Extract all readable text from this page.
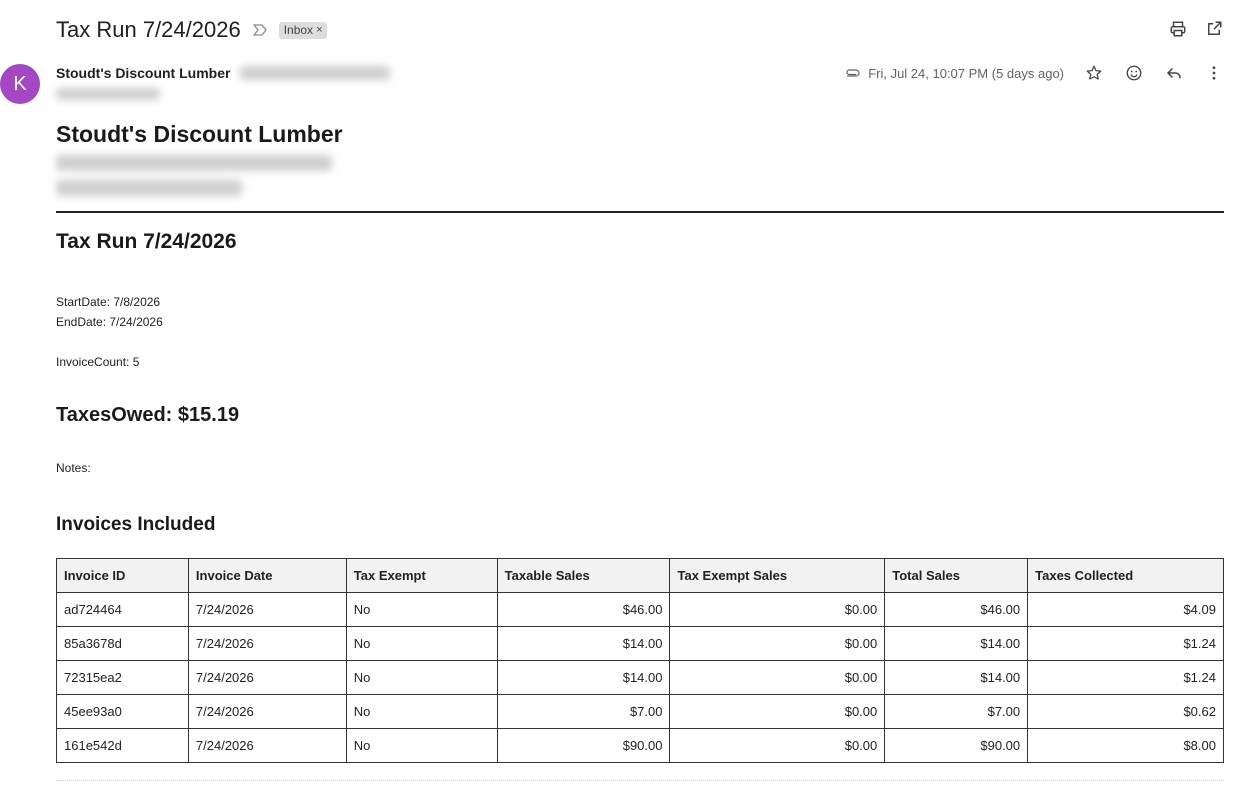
Tax Run 7/24/2026	Inbox ×
K Stoudt's Discount Lumber	Fri, Jul 24, 10:07 PM (5 days ago)
Stoudt's Discount Lumber
Tax Run 7/24/2026
StartDate : 7/8/2026
EndDate : 7/24/2026
InvoiceCount : 5
TaxesOwed: $15.19
Notes:
Invoices Included
Invoice ID	Invoice Date	Tax Exempt	Taxable Sales	Tax Exempt Sales	Total Sales	Taxes Collected
ad724464	7/24/2026	No	$46.00	$0.00	$46.00	$4.09
85a3678d	7/24/2026	No	$14.00	$0.00	$14.00	$1.24
72315ea2	7/24/2026	No	$14.00	$0.00	$14.00	$1.24
45ee93a0	7/24/2026	No	$7.00	$0.00	$7.00	$0.62
161e542d	7/24/2026	No	$90.00	$0.00	$90.00	$8.00
